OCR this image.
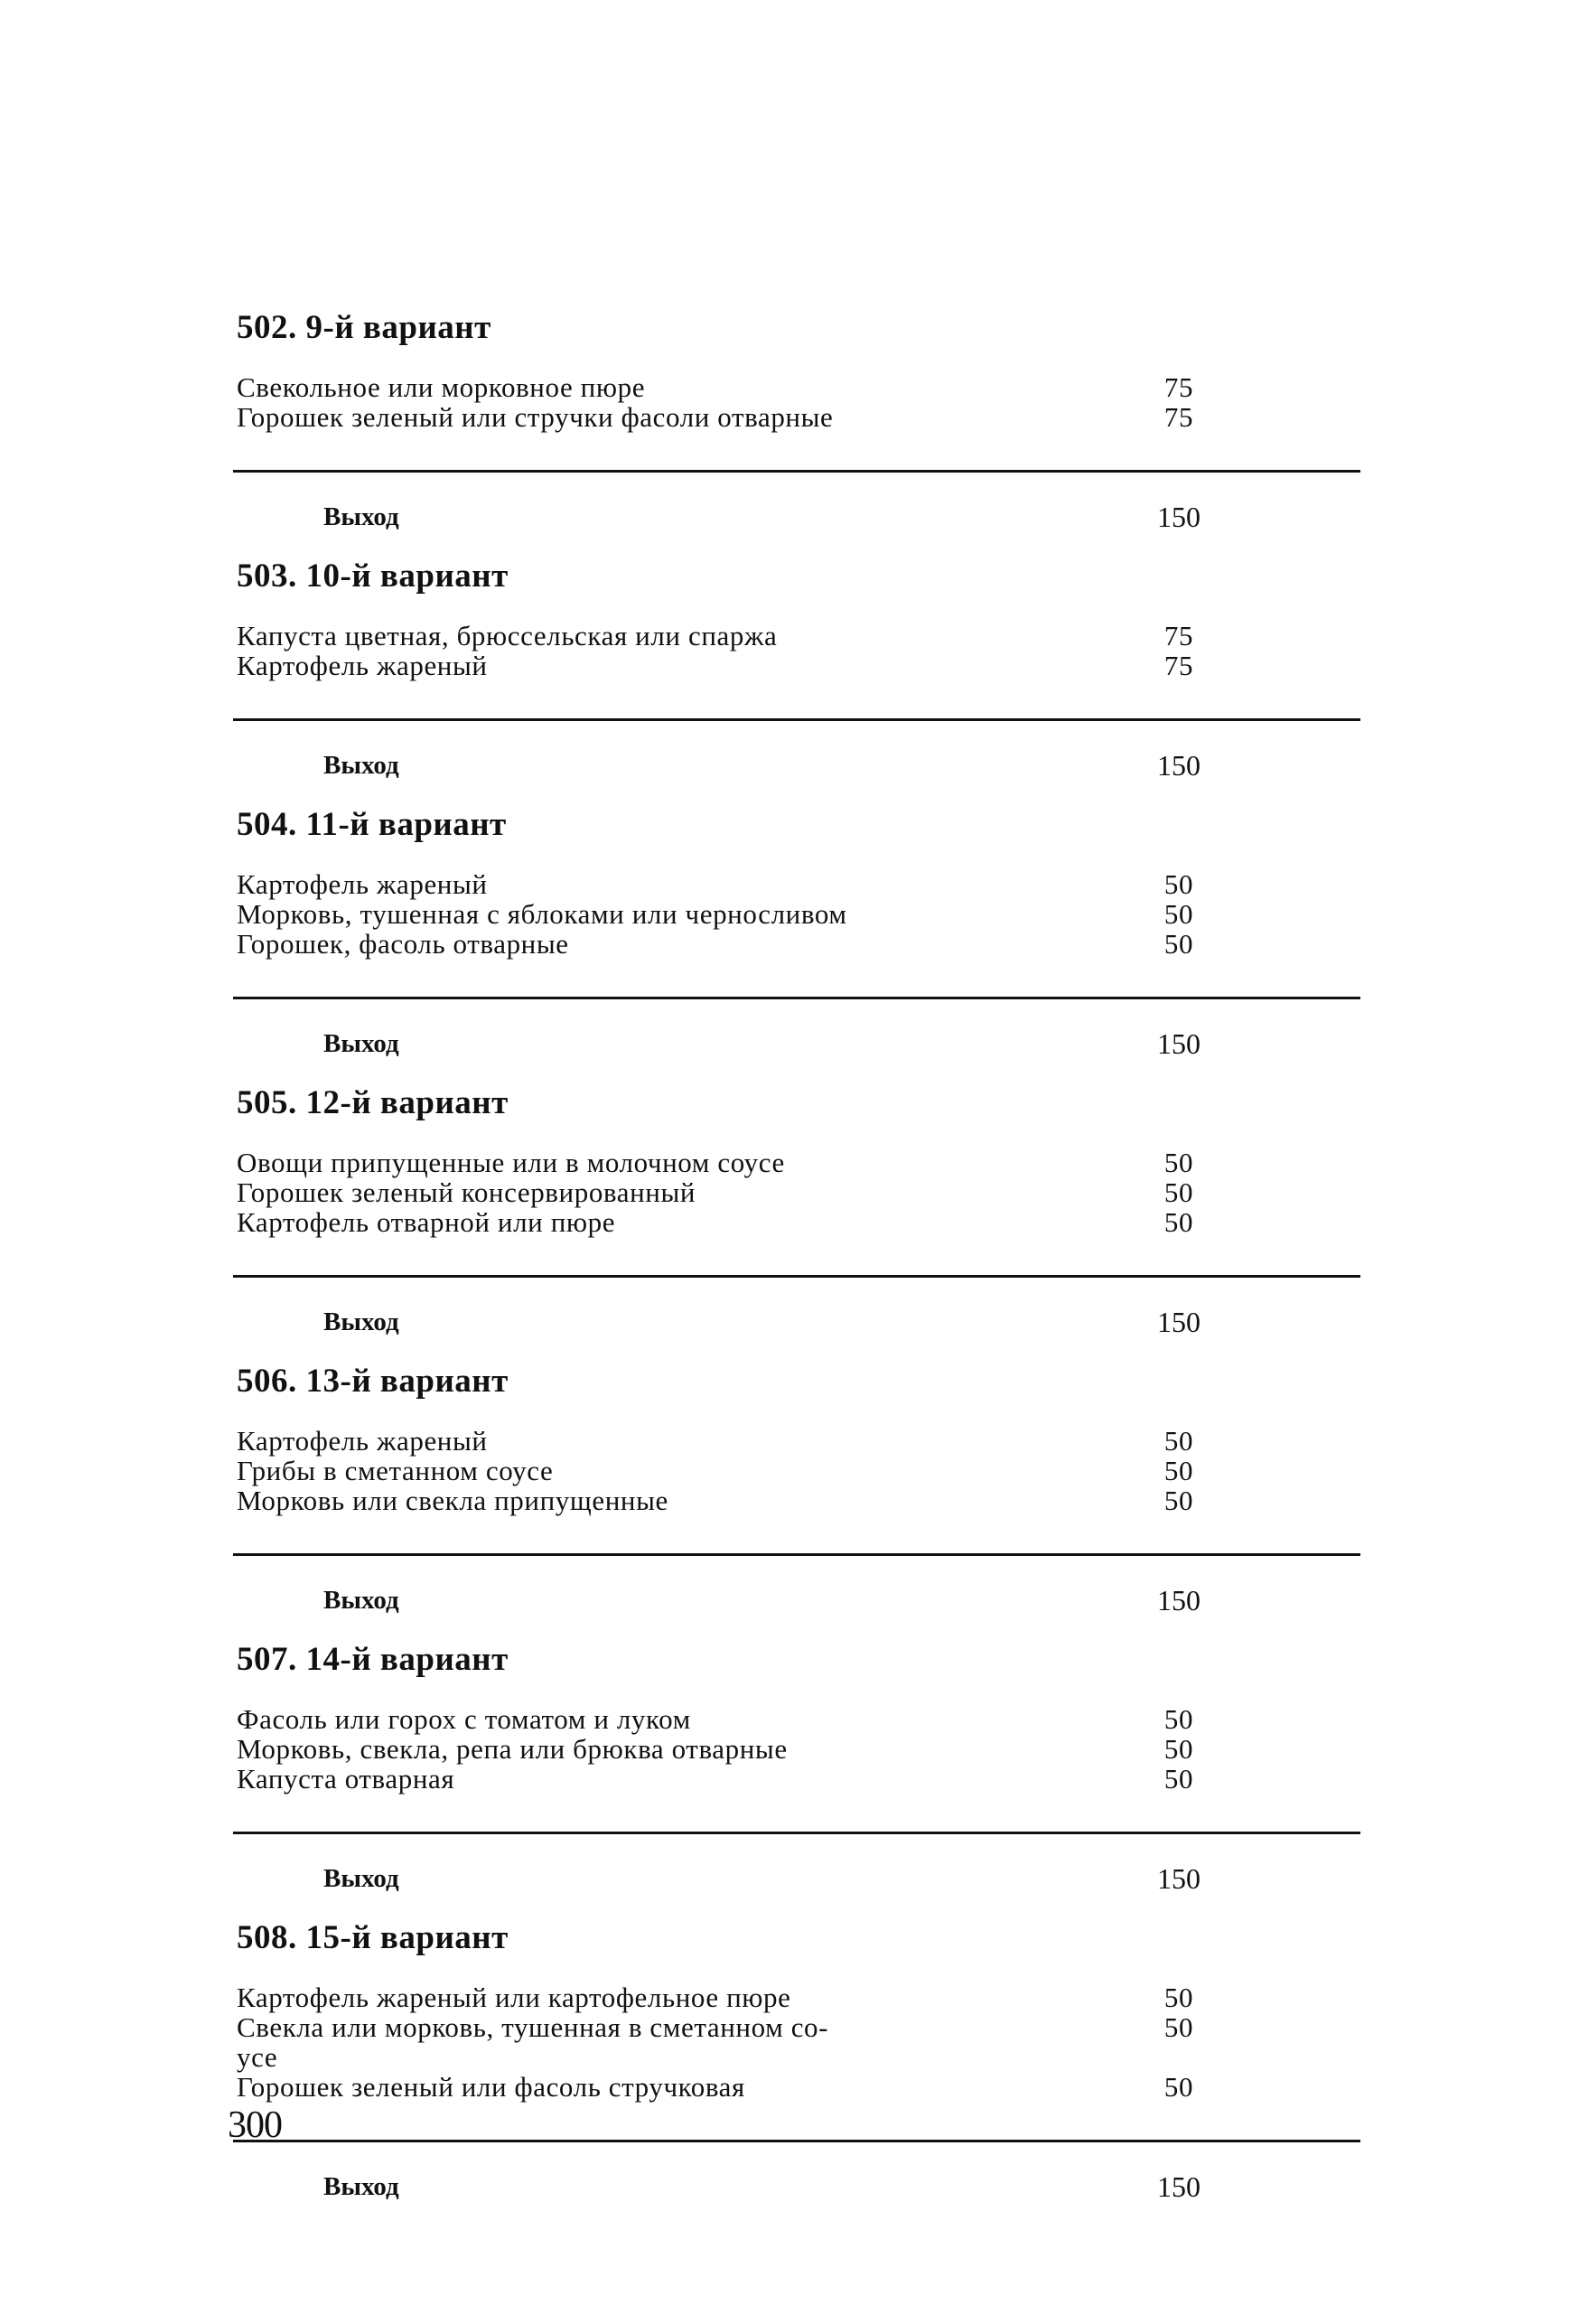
502. 9-й вариант
Свекольное или морковное пюре	75
Горошек зеленый или стручки фасоли отварные	75
Выход	150
503. 10-й вариант
Капуста цветная, брюссельская или спаржа	75
Картофель жареный	75
Выход	150
504. 11-й вариант
Картофель жареный	50
Морковь, тушенная с яблоками или черносливом	50
Горошек, фасоль отварные	50
Выход	150
505. 12-й вариант
Овощи припущенные или в молочном соусе	50
Горошек зеленый консервированный	50
Картофель отварной или пюре	50
Выход	150
506. 13-й вариант
Картофель жареный	50
Грибы в сметанном соусе	50
Морковь или свекла припущенные	50
Выход	150
507. 14-й вариант
Фасоль или горох с томатом и луком	50
Морковь, свекла, репа или брюква отварные	50
Капуста отварная	50
Выход	150
508. 15-й вариант
Картофель жареный или картофельное пюре	50
Свекла или морковь, тушенная в сметанном со-	50
усе
Горошек зеленый или фасоль стручковая	50
Выход	150
300
